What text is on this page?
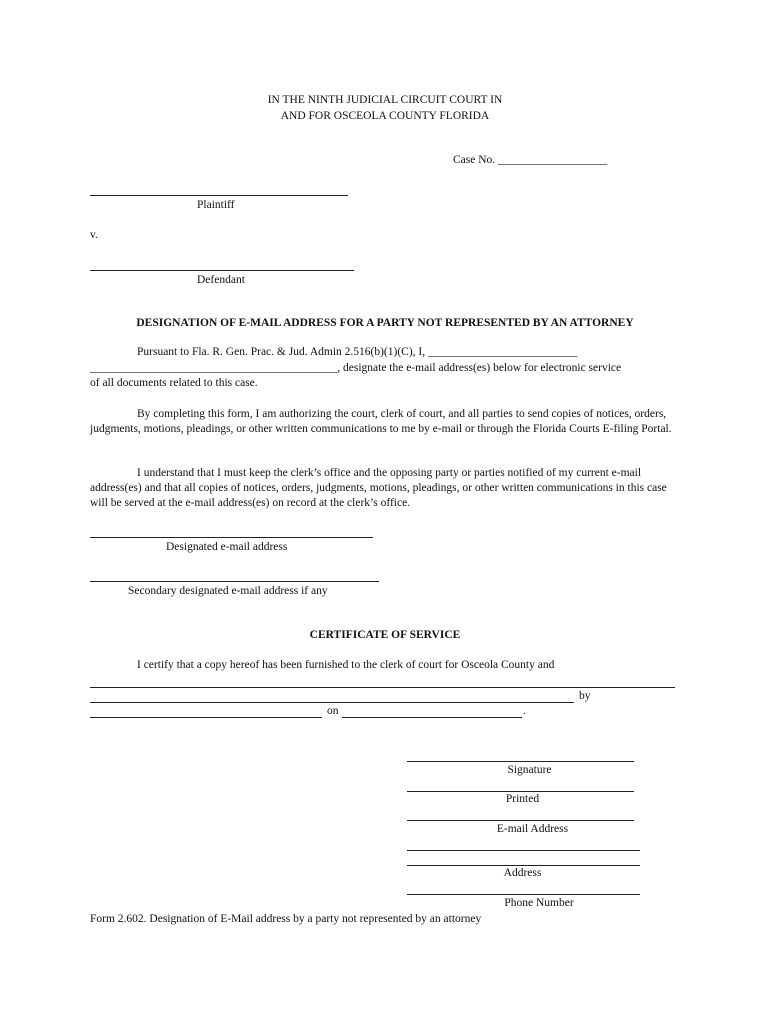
IN THE NINTH JUDICIAL CIRCUIT COURT IN
AND FOR OSCEOLA COUNTY FLORIDA
Case No. ___________________
Plaintiff
v.
Defendant
DESIGNATION OF E-MAIL ADDRESS FOR A PARTY NOT REPRESENTED BY AN ATTORNEY
Pursuant to Fla. R. Gen. Prac. & Jud. Admin 2.516(b)(1)(C), I, __________________________
___________________________________________, designate the e-mail address(es) below for electronic service
of all documents related to this case.
By completing this form, I am authorizing the court, clerk of court, and all parties to send copies of notices, orders, judgments, motions, pleadings, or other written communications to me by e-mail or through the Florida Courts E-filing Portal.
I understand that I must keep the clerk’s office and the opposing party or parties notified of my current e-mail address(es) and that all copies of notices, orders, judgments, motions, pleadings, or other written communications in this case will be served at the e-mail address(es) on record at the clerk’s office.
Designated e-mail address
Secondary designated e-mail address if any
CERTIFICATE OF SERVICE
I certify that a copy hereof has been furnished to the clerk of court for Osceola County and
by
on	.
Signature
Printed
E-mail Address
Address
Phone Number
Form 2.602. Designation of E-Mail address by a party not represented by an attorney
